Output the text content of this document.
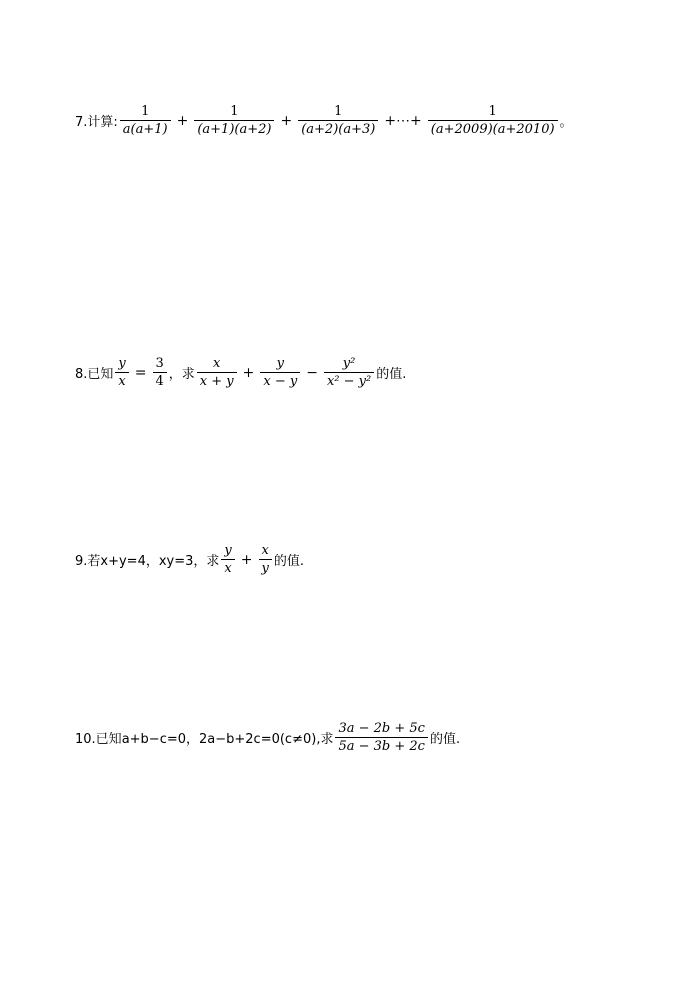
7.计算: $\frac{1}{a(a+1)} + \frac{1}{(a+1)(a+2)} + \frac{1}{(a+2)(a+3)}$ +⋯+ $\frac{1}{(a+2009)(a+2010)}$ 。
8.已知 $\frac{y}{x} = \frac{3}{4}$ ，求 $\frac{x}{x + y} + \frac{y}{x - y} - \frac{\text{y²}}{\text{x² − y²}}$ 的值.
9.若 x+y=4，xy=3，求 $\frac{y}{x} + \frac{x}{y}$ 的值.
10.已知 a+b−c=0，2a−b+2c=0(c≠0),求 $\frac{3a - 2b + 5c}{5a - 3b + 2c}$ 的值.
